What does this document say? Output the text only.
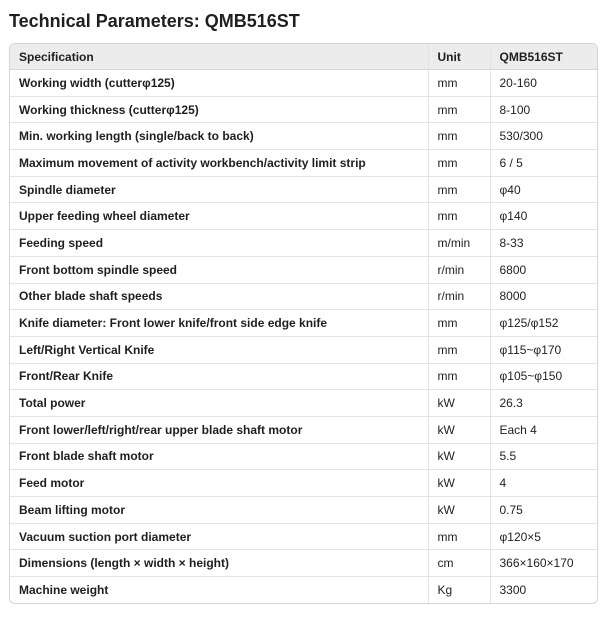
Technical Parameters: QMB516ST
Specification	Unit	QMB516ST
Working width (cutterφ125)	mm	20-160
Working thickness (cutterφ125)	mm	8-100
Min. working length (single/back to back)	mm	530/300
Maximum movement of activity workbench/activity limit strip	mm	6 / 5
Spindle diameter	mm	φ40
Upper feeding wheel diameter	mm	φ140
Feeding speed	m/min	8-33
Front bottom spindle speed	r/min	6800
Other blade shaft speeds	r/min	8000
Knife diameter: Front lower knife/front side edge knife	mm	φ125/φ152
Left/Right Vertical Knife	mm	φ115~φ170
Front/Rear Knife	mm	φ105~φ150
Total power	kW	26.3
Front lower/left/right/rear upper blade shaft motor	kW	Each 4
Front blade shaft motor	kW	5.5
Feed motor	kW	4
Beam lifting motor	kW	0.75
Vacuum suction port diameter	mm	φ120×5
Dimensions (length × width × height)	cm	366×160×170
Machine weight	Kg	3300
